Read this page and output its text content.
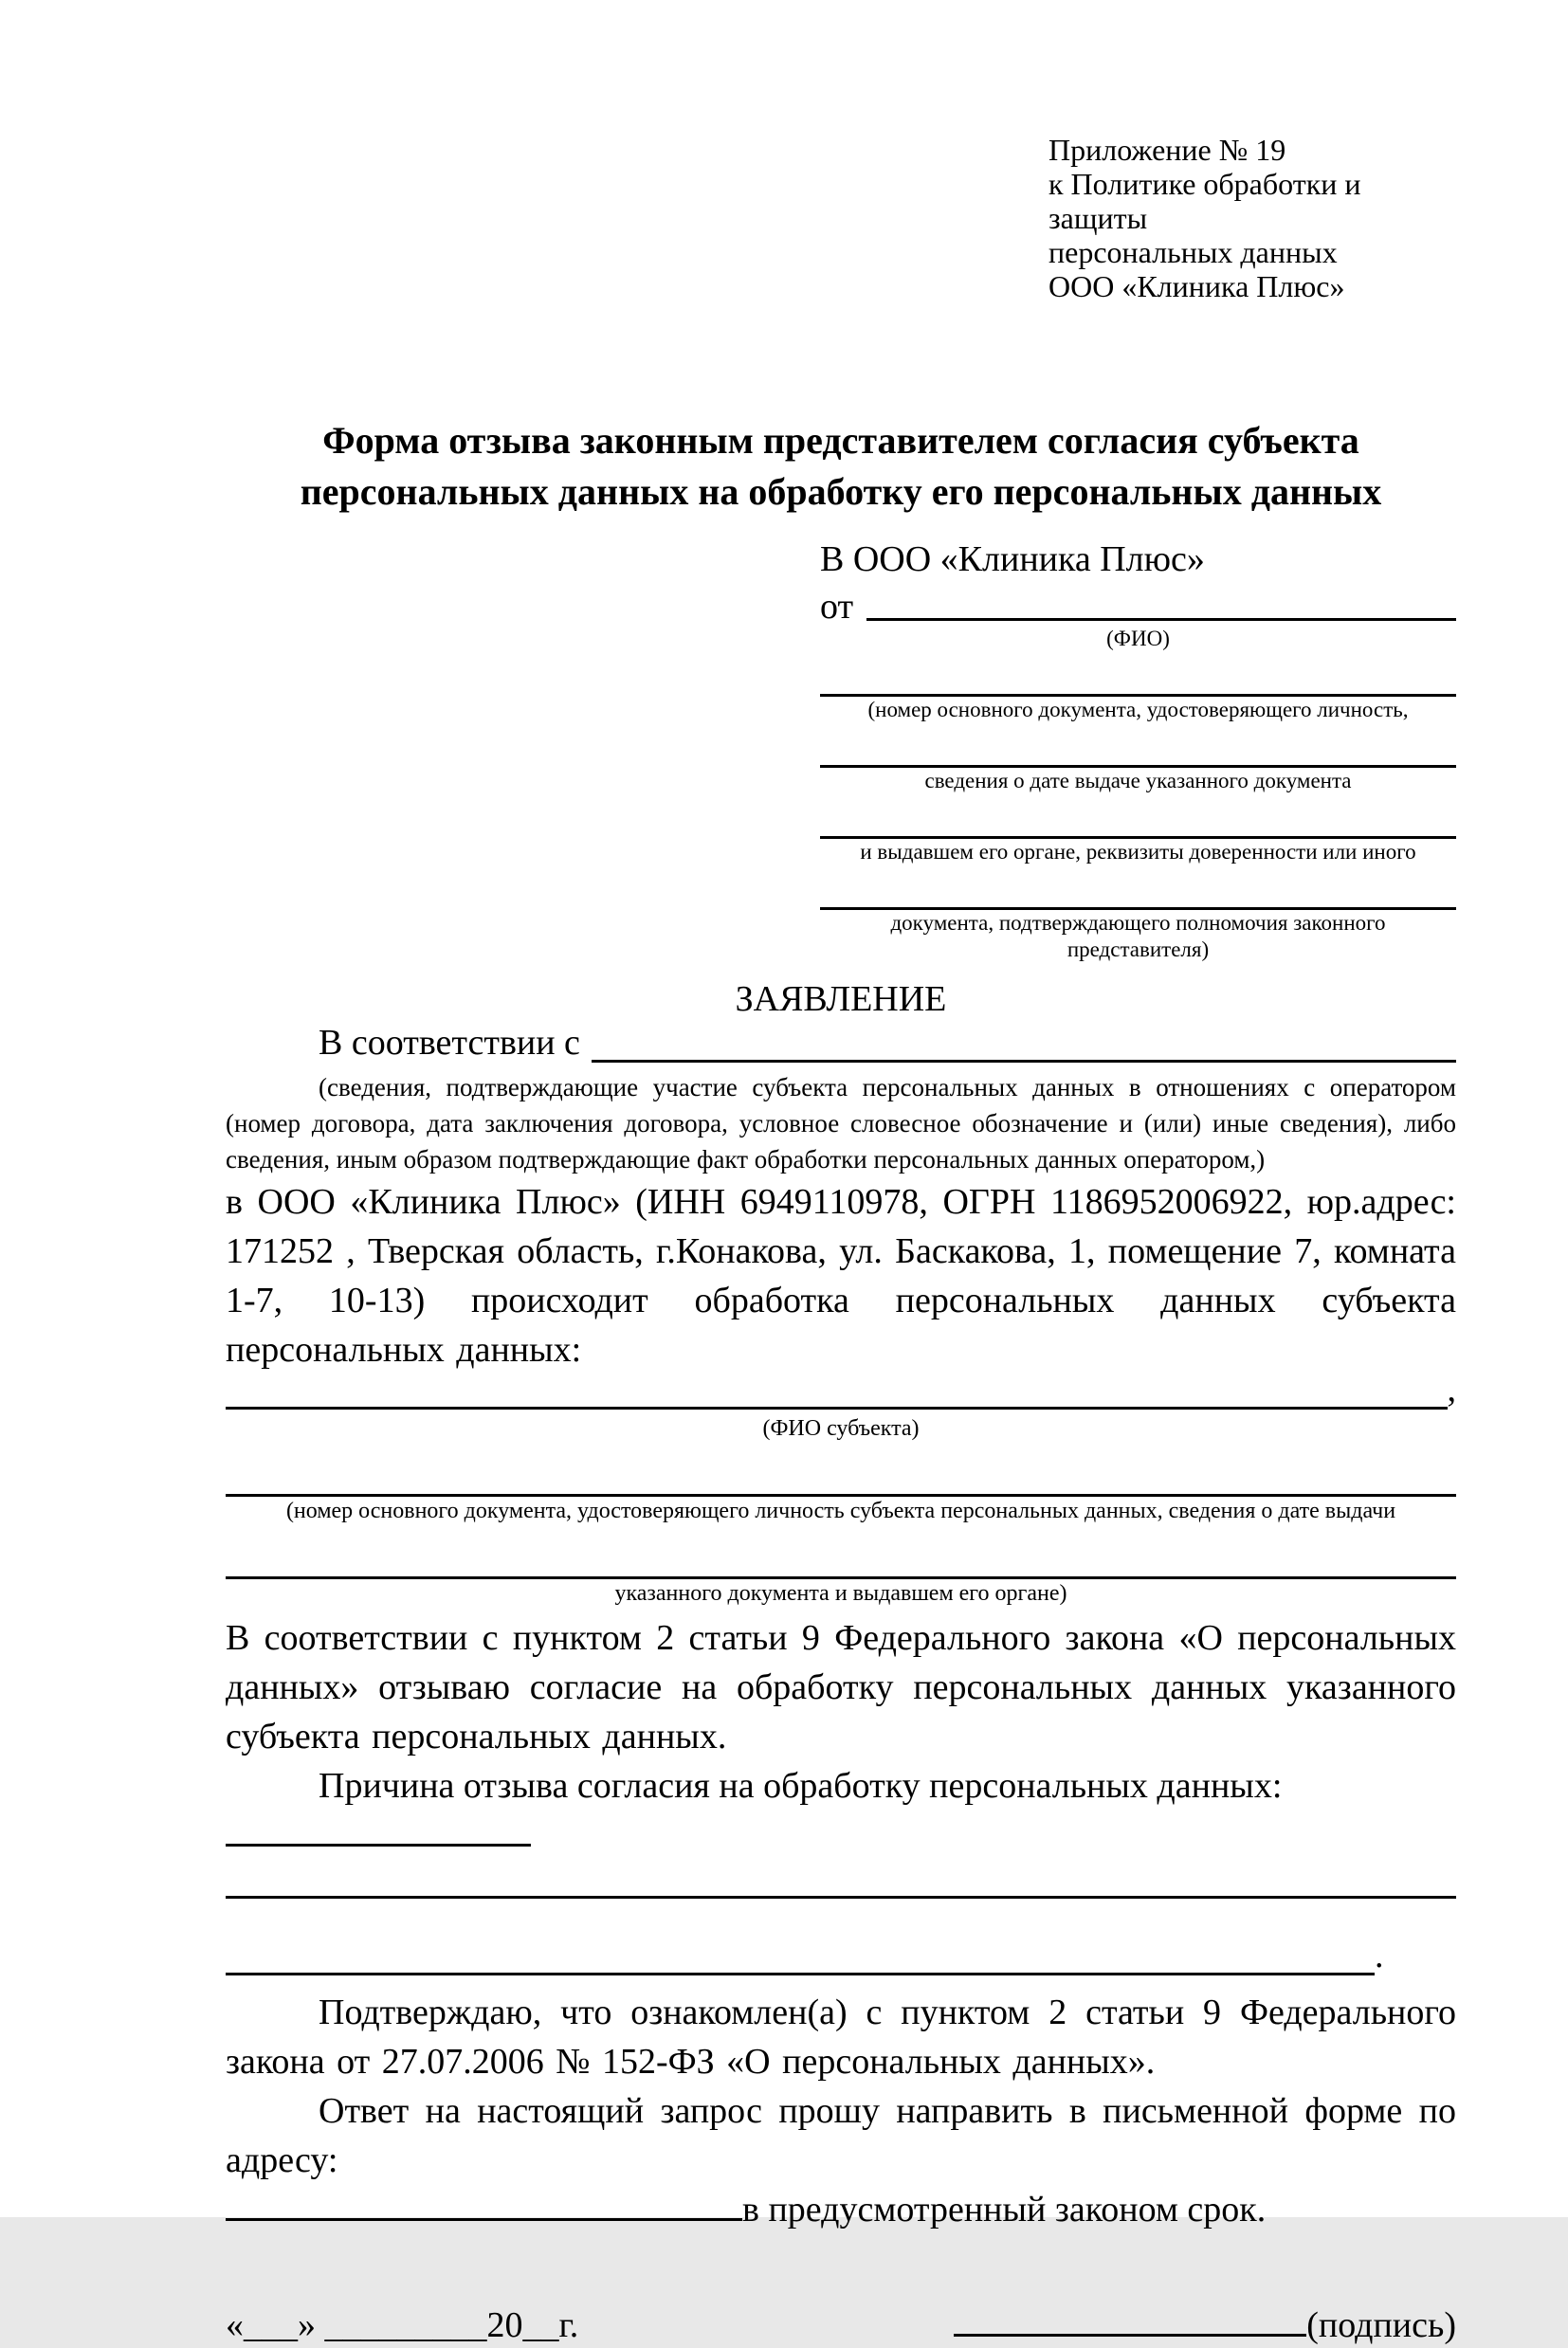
Приложение № 19
к Политике обработки и защиты
персональных данных
ООО «Клиника Плюс»
Форма отзыва законным представителем согласия субъекта персональных данных на обработку его персональных данных
В ООО «Клиника Плюс»
от
(ФИО)
(номер основного документа, удостоверяющего личность,
сведения о дате выдаче указанного документа
и выдавшем его органе, реквизиты доверенности или иного
документа, подтверждающего полномочия законного представителя)
ЗАЯВЛЕНИЕ
В соответствии с
(сведения, подтверждающие участие субъекта персональных данных в отношениях с оператором (номер договора, дата заключения договора, условное словесное обозначение и (или) иные сведения), либо сведения, иным образом подтверждающие факт обработки персональных данных оператором,)
в ООО «Клиника Плюс» (ИНН 6949110978, ОГРН 1186952006922, юр.адрес: 171252 , Тверская область, г.Конакова, ул. Баскакова, 1, помещение 7, комната 1-7, 10-13) происходит обработка персональных данных субъекта персональных данных:
,
(ФИО субъекта)
(номер основного документа, удостоверяющего личность субъекта персональных данных, сведения о дате выдачи
указанного документа и выдавшем его органе)
В соответствии с пунктом 2 статьи 9 Федерального закона «О персональных данных» отзываю согласие на обработку персональных данных указанного субъекта персональных данных.
Причина отзыва согласия на обработку персональных данных:
.
Подтверждаю, что ознакомлен(а) с пунктом 2 статьи 9 Федерального закона от 27.07.2006 № 152-ФЗ «О персональных данных».
Ответ на настоящий запрос прошу направить в письменной форме по адресу:
в предусмотренный законом срок.
«___» _________20__г.	(подпись)
